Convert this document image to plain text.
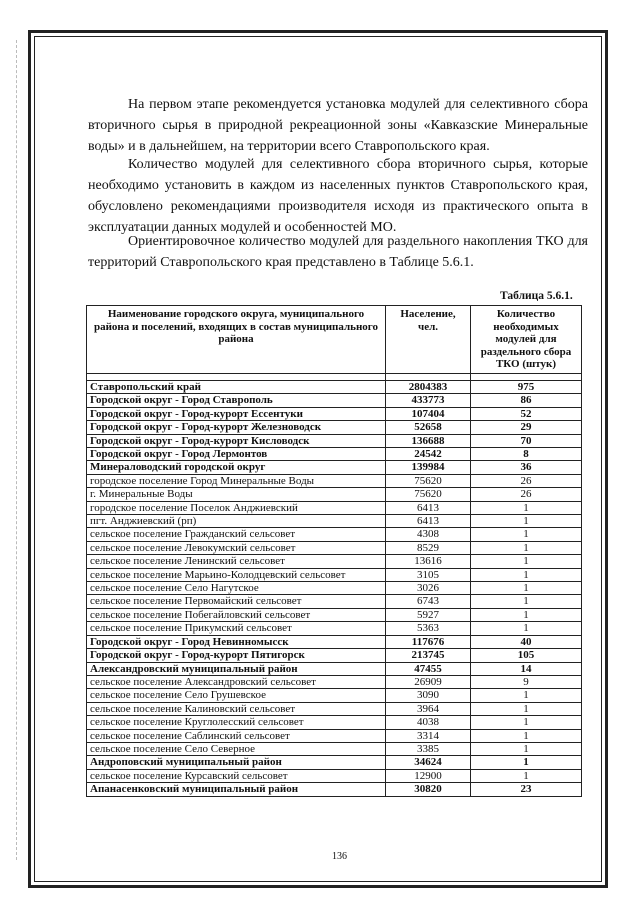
На первом этапе рекомендуется установка модулей для селективного сбора вторичного сырья в природной рекреационной зоны «Кавказские Минеральные воды» и в дальнейшем, на территории всего Ставропольского края.

Количество модулей для селективного сбора вторичного сырья, которые необходимо установить в каждом из населенных пунктов Ставропольского края, обусловлено рекомендациями производителя исходя из практического опыта в эксплуатации данных модулей и особенностей МО.

Ориентировочное количество модулей для раздельного накопления ТКО для территорий Ставропольского края представлено в Таблице 5.6.1.

Таблица 5.6.1.
Наименование городского округа, муниципального района и поселений, входящих в состав муниципального района	Население, чел.	Количество необходимых модулей для раздельного сбора ТКО (штук)

Ставропольский край	2804383	975
Городской округ - Город Ставрополь	433773	86
Городской округ - Город-курорт Ессентуки	107404	52
Городской округ - Город-курорт Железноводск	52658	29
Городской округ - Город-курорт Кисловодск	136688	70
Городской округ - Город Лермонтов	24542	8
Минераловодский городской округ	139984	36
городское поселение Город Минеральные Воды	75620	26
г. Минеральные Воды	75620	26
городское поселение Поселок Анджиевский	6413	1
пгт. Анджиевский (рп)	6413	1
сельское поселение Гражданский сельсовет	4308	1
сельское поселение Левокумский сельсовет	8529	1
сельское поселение Ленинский сельсовет	13616	1
сельское поселение Марьино-Колодцевский сельсовет	3105	1
сельское поселение Село Нагутское	3026	1
сельское поселение Первомайский сельсовет	6743	1
сельское поселение Побегайловский сельсовет	5927	1
сельское поселение Прикумский сельсовет	5363	1
Городской округ - Город Невинномысск	117676	40
Городской округ - Город-курорт Пятигорск	213745	105
Александровский муниципальный район	47455	14
сельское поселение Александровский сельсовет	26909	9
сельское поселение Село Грушевское	3090	1
сельское поселение Калиновский сельсовет	3964	1
сельское поселение Круглолесский сельсовет	4038	1
сельское поселение Саблинский сельсовет	3314	1
сельское поселение Село Северное	3385	1
Андроповский муниципальный район	34624	1
сельское поселение Курсавский сельсовет	12900	1
Апанасенковский муниципальный район	30820	23
136
